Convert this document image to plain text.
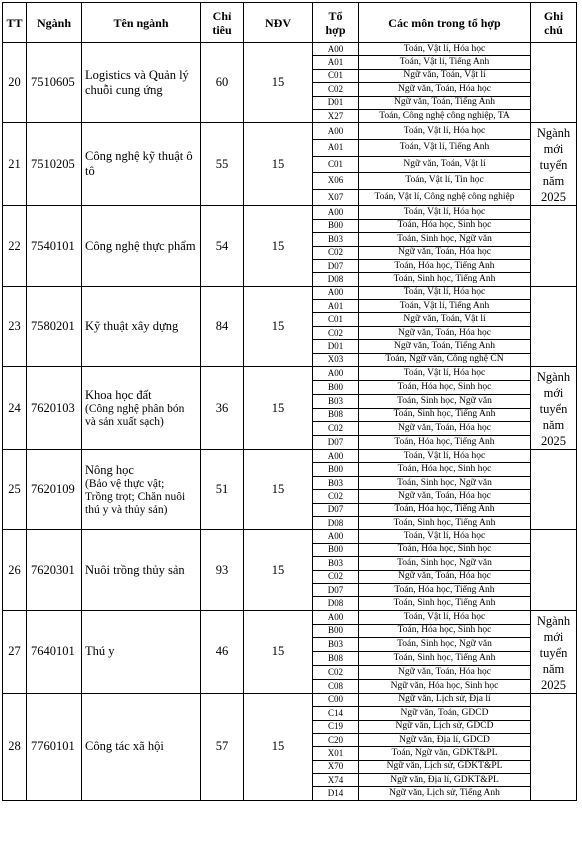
TT	Ngành	Tên ngành	Chỉ
tiêu	NĐV	Tổ
hợp	Các môn trong tổ hợp	Ghi
chú

20	7510605	Logistics và Quản lý
chuỗi cung ứng	60	15	A00	Toán, Vật lí, Hóa học	
					A01	Toán, Vật lí, Tiếng Anh	
					C01	Ngữ văn, Toán, Vật lí	
					C02	Ngữ văn, Toán, Hóa học	
					D01	Ngữ văn, Toán, Tiếng Anh	
					X27	Toán, Công nghệ công nghiệp, TA	
21	7510205	Công nghệ kỹ thuật ô tô	55	15	A00	Toán, Vật lí, Hóa học	Ngành
mới
tuyển
năm
2025

					A01	Toán, Vật lí, Tiếng Anh	
					C01	Ngữ văn, Toán, Vật lí	
					X06	Toán, Vật lí, Tin học	
					X07	Toán, Vật lí, Công nghệ công nghiệp	
22	7540101	Công nghệ thực phẩm	54	15	A00	Toán, Vật lí, Hóa học	
					B00	Toán, Hóa học, Sinh học	
					B03	Toán, Sinh học, Ngữ văn	
					C02	Ngữ văn, Toán, Hóa học	
					D07	Toán, Hóa học, Tiếng Anh	
					D08	Toán, Sinh học, Tiếng Anh	
23	7580201	Kỹ thuật xây dựng	84	15	A00	Toán, Vật lí, Hóa học	
					A01	Toán, Vật lí, Tiếng Anh	
					C01	Ngữ văn, Toán, Vật lí	
					C02	Ngữ văn, Toán, Hóa học	
					D01	Ngữ văn, Toán, Tiếng Anh	
					X03	Toán, Ngữ văn, Công nghệ CN	
24	7620103	Khoa học đất
(Công nghệ phân bón
và sản xuất sạch)	36	15	A00	Toán, Vật lí, Hóa học	Ngành
mới
tuyển
năm
2025

					B00	Toán, Hóa học, Sinh học	
					B03	Toán, Sinh học, Ngữ văn	
					B08	Toán, Sinh học, Tiếng Anh	
					C02	Ngữ văn, Toán, Hóa học	
					D07	Toán, Hóa học, Tiếng Anh	
25	7620109	Nông học
(Bảo vệ thực vật;
Trồng trọt; Chăn nuôi
thú y và thủy sản)	51	15	A00	Toán, Vật lí, Hóa học	
					B00	Toán, Hóa học, Sinh học	
					B03	Toán, Sinh học, Ngữ văn	
					C02	Ngữ văn, Toán, Hóa học	
					D07	Toán, Hóa học, Tiếng Anh	
					D08	Toán, Sinh học, Tiếng Anh	
26	7620301	Nuôi trồng thủy sản	93	15	A00	Toán, Vật lí, Hóa học	
					B00	Toán, Hóa học, Sinh học	
					B03	Toán, Sinh học, Ngữ văn	
					C02	Ngữ văn, Toán, Hóa học	
					D07	Toán, Hóa học, Tiếng Anh	
					D08	Toán, Sinh học, Tiếng Anh	
27	7640101	Thú y	46	15	A00	Toán, Vật lí, Hóa học	Ngành
mới
tuyển
năm
2025

					B00	Toán, Hóa học, Sinh học	
					B03	Toán, Sinh học, Ngữ văn	
					B08	Toán, Sinh học, Tiếng Anh	
					C02	Ngữ văn, Toán, Hóa học	
					C08	Ngữ văn, Hóa học, Sinh học	
28	7760101	Công tác xã hội	57	15	C00	Ngữ văn, Lịch sử, Địa lí	
					C14	Ngữ văn, Toán, GDCD	
					C19	Ngữ văn, Lịch sử, GDCD	
					C20	Ngữ văn, Địa lí, GDCD	
					X01	Toán, Ngữ văn, GDKT&PL	
					X70	Ngữ văn, Lịch sử, GDKT&PL	
					X74	Ngữ văn, Địa lí, GDKT&PL	
					D14	Ngữ văn, Lịch sử, Tiếng Anh	
